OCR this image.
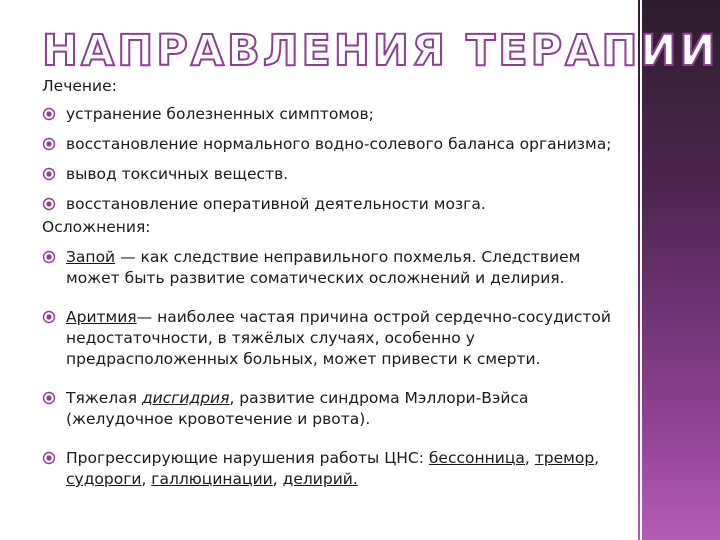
НАПРАВЛЕНИЯ ТЕРАПИИ
Лечение:
устранение болезненных симптомов;
восстановление нормального водно-солевого баланса организма;
вывод токсичных веществ.
восстановление оперативной деятельности мозга.
Осложнения:
Запой — как следствие неправильного похмелья. Следствием может быть развитие соматических осложнений и делирия.
Аритмия— наиболее частая причина острой сердечно-сосудистой недостаточности, в тяжёлых случаях, особенно у предрасположенных больных, может привести к смерти.
Тяжелая дисгидрия, развитие синдрома Мэллори-Вэйса (желудочное кровотечение и рвота).
Прогрессирующие нарушения работы ЦНС: бессонница, тремор, судороги, галлюцинации, делирий.
